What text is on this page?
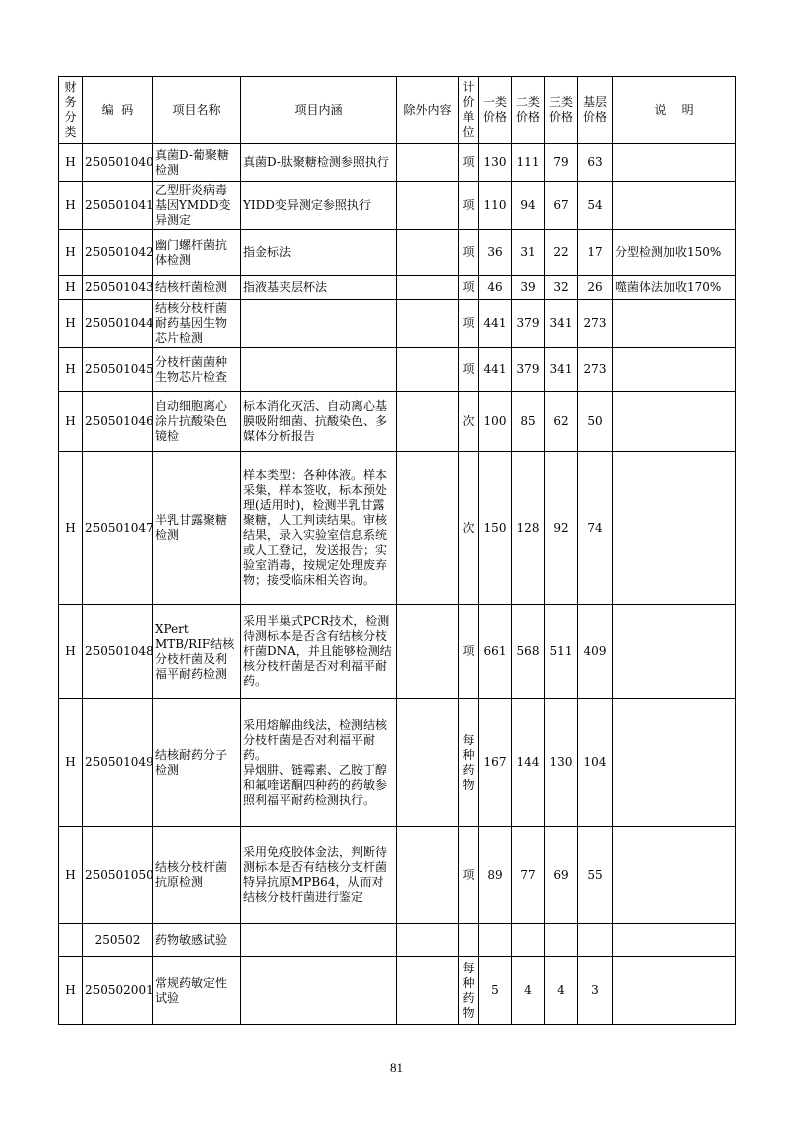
财务分类	编  码	项目名称	项目内涵	除外内容	计价单位	一类价格	二类价格	三类价格	基层价格	说    明
H	250501040	真菌D-葡聚糖检测	真菌D-肽聚糖检测参照执行		项	130	111	79	63	
H	250501041	乙型肝炎病毒基因YMDD变异测定	YIDD变异测定参照执行		项	110	94	67	54	
H	250501042	幽门螺杆菌抗体检测	指金标法		项	36	31	22	17	分型检测加收150%
H	250501043	结核杆菌检测	指液基夹层杯法		项	46	39	32	26	噬菌体法加收170%
H	250501044	结核分枝杆菌耐药基因生物芯片检测			项	441	379	341	273	
H	250501045	分枝杆菌菌种生物芯片检查			项	441	379	341	273	
H	250501046	自动细胞离心涂片抗酸染色镜检	标本消化灭活、自动离心基膜吸附细菌、抗酸染色、多媒体分析报告		次	100	85	62	50	
H	250501047	半乳甘露聚糖检测	样本类型：各种体液。样本采集，样本签收，标本预处理(适用时)，检测半乳甘露聚糖，人工判读结果。审核结果，录入实验室信息系统或人工登记，发送报告；实验室消毒，按规定处理废弃物；接受临床相关咨询。		次	150	128	92	74	
H	250501048	XPert MTB/RIF结核分枝杆菌及利福平耐药检测	采用半巢式PCR技术，检测待测标本是否含有结核分枝杆菌DNA，并且能够检测结核分枝杆菌是否对利福平耐药。		项	661	568	511	409	
H	250501049	结核耐药分子检测	采用熔解曲线法，检测结核分枝杆菌是否对利福平耐药。
异烟肼、链霉素、乙胺丁醇和氟喹诺酮四种药的药敏参照利福平耐药检测执行。		每种药物	167	144	130	104	
H	250501050	结核分枝杆菌抗原检测	采用免疫胶体金法，判断待测标本是否有结核分支杆菌特异抗原MPB64，从而对结核分枝杆菌进行鉴定		项	89	77	69	55	
	250502	药物敏感试验								
H	250502001	常规药敏定性试验			每种药物	5	4	4	3	
81
